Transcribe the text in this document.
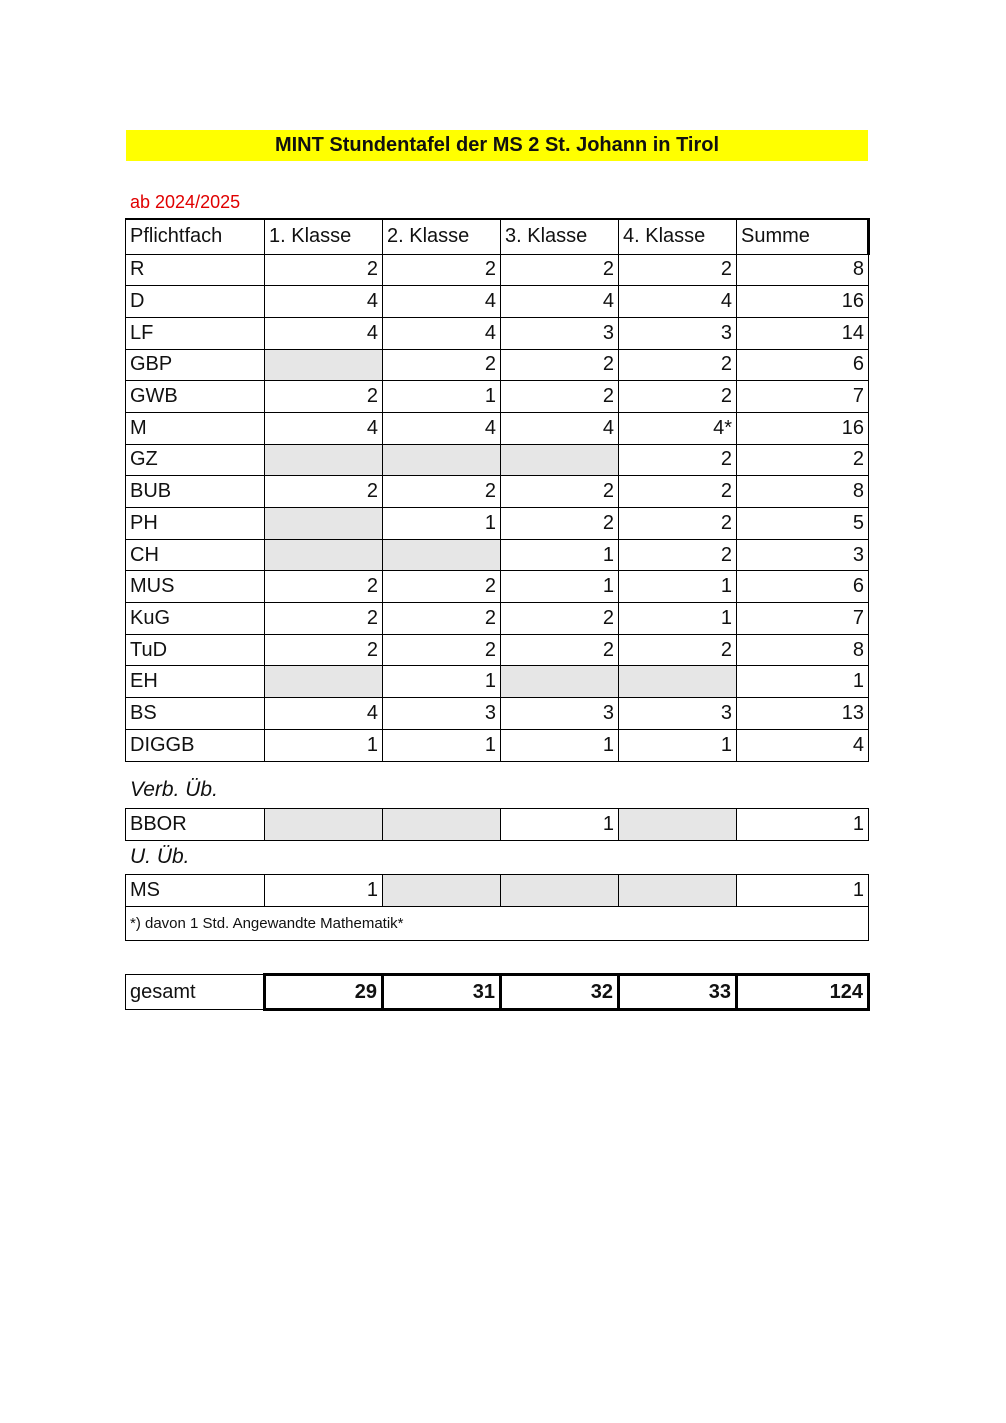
MINT Stundentafel der MS 2 St. Johann in Tirol
ab 2024/2025
Pflichtfach	1. Klasse	2. Klasse	3. Klasse	4. Klasse	Summe
R	2	2	2	2	8
D	4	4	4	4	16
LF	4	4	3	3	14
GBP		2	2	2	6
GWB	2	1	2	2	7
M	4	4	4	4*	16
GZ				2	2
BUB	2	2	2	2	8
PH		1	2	2	5
CH			1	2	3
MUS	2	2	1	1	6
KuG	2	2	2	1	7
TuD	2	2	2	2	8
EH		1			1
BS	4	3	3	3	13
DIGGB	1	1	1	1	4
Verb. Üb.
BBOR			1		1
U. Üb.
MS	1				1
*) davon 1 Std. Angewandte Mathematik*
gesamt	29	31	32	33	124
